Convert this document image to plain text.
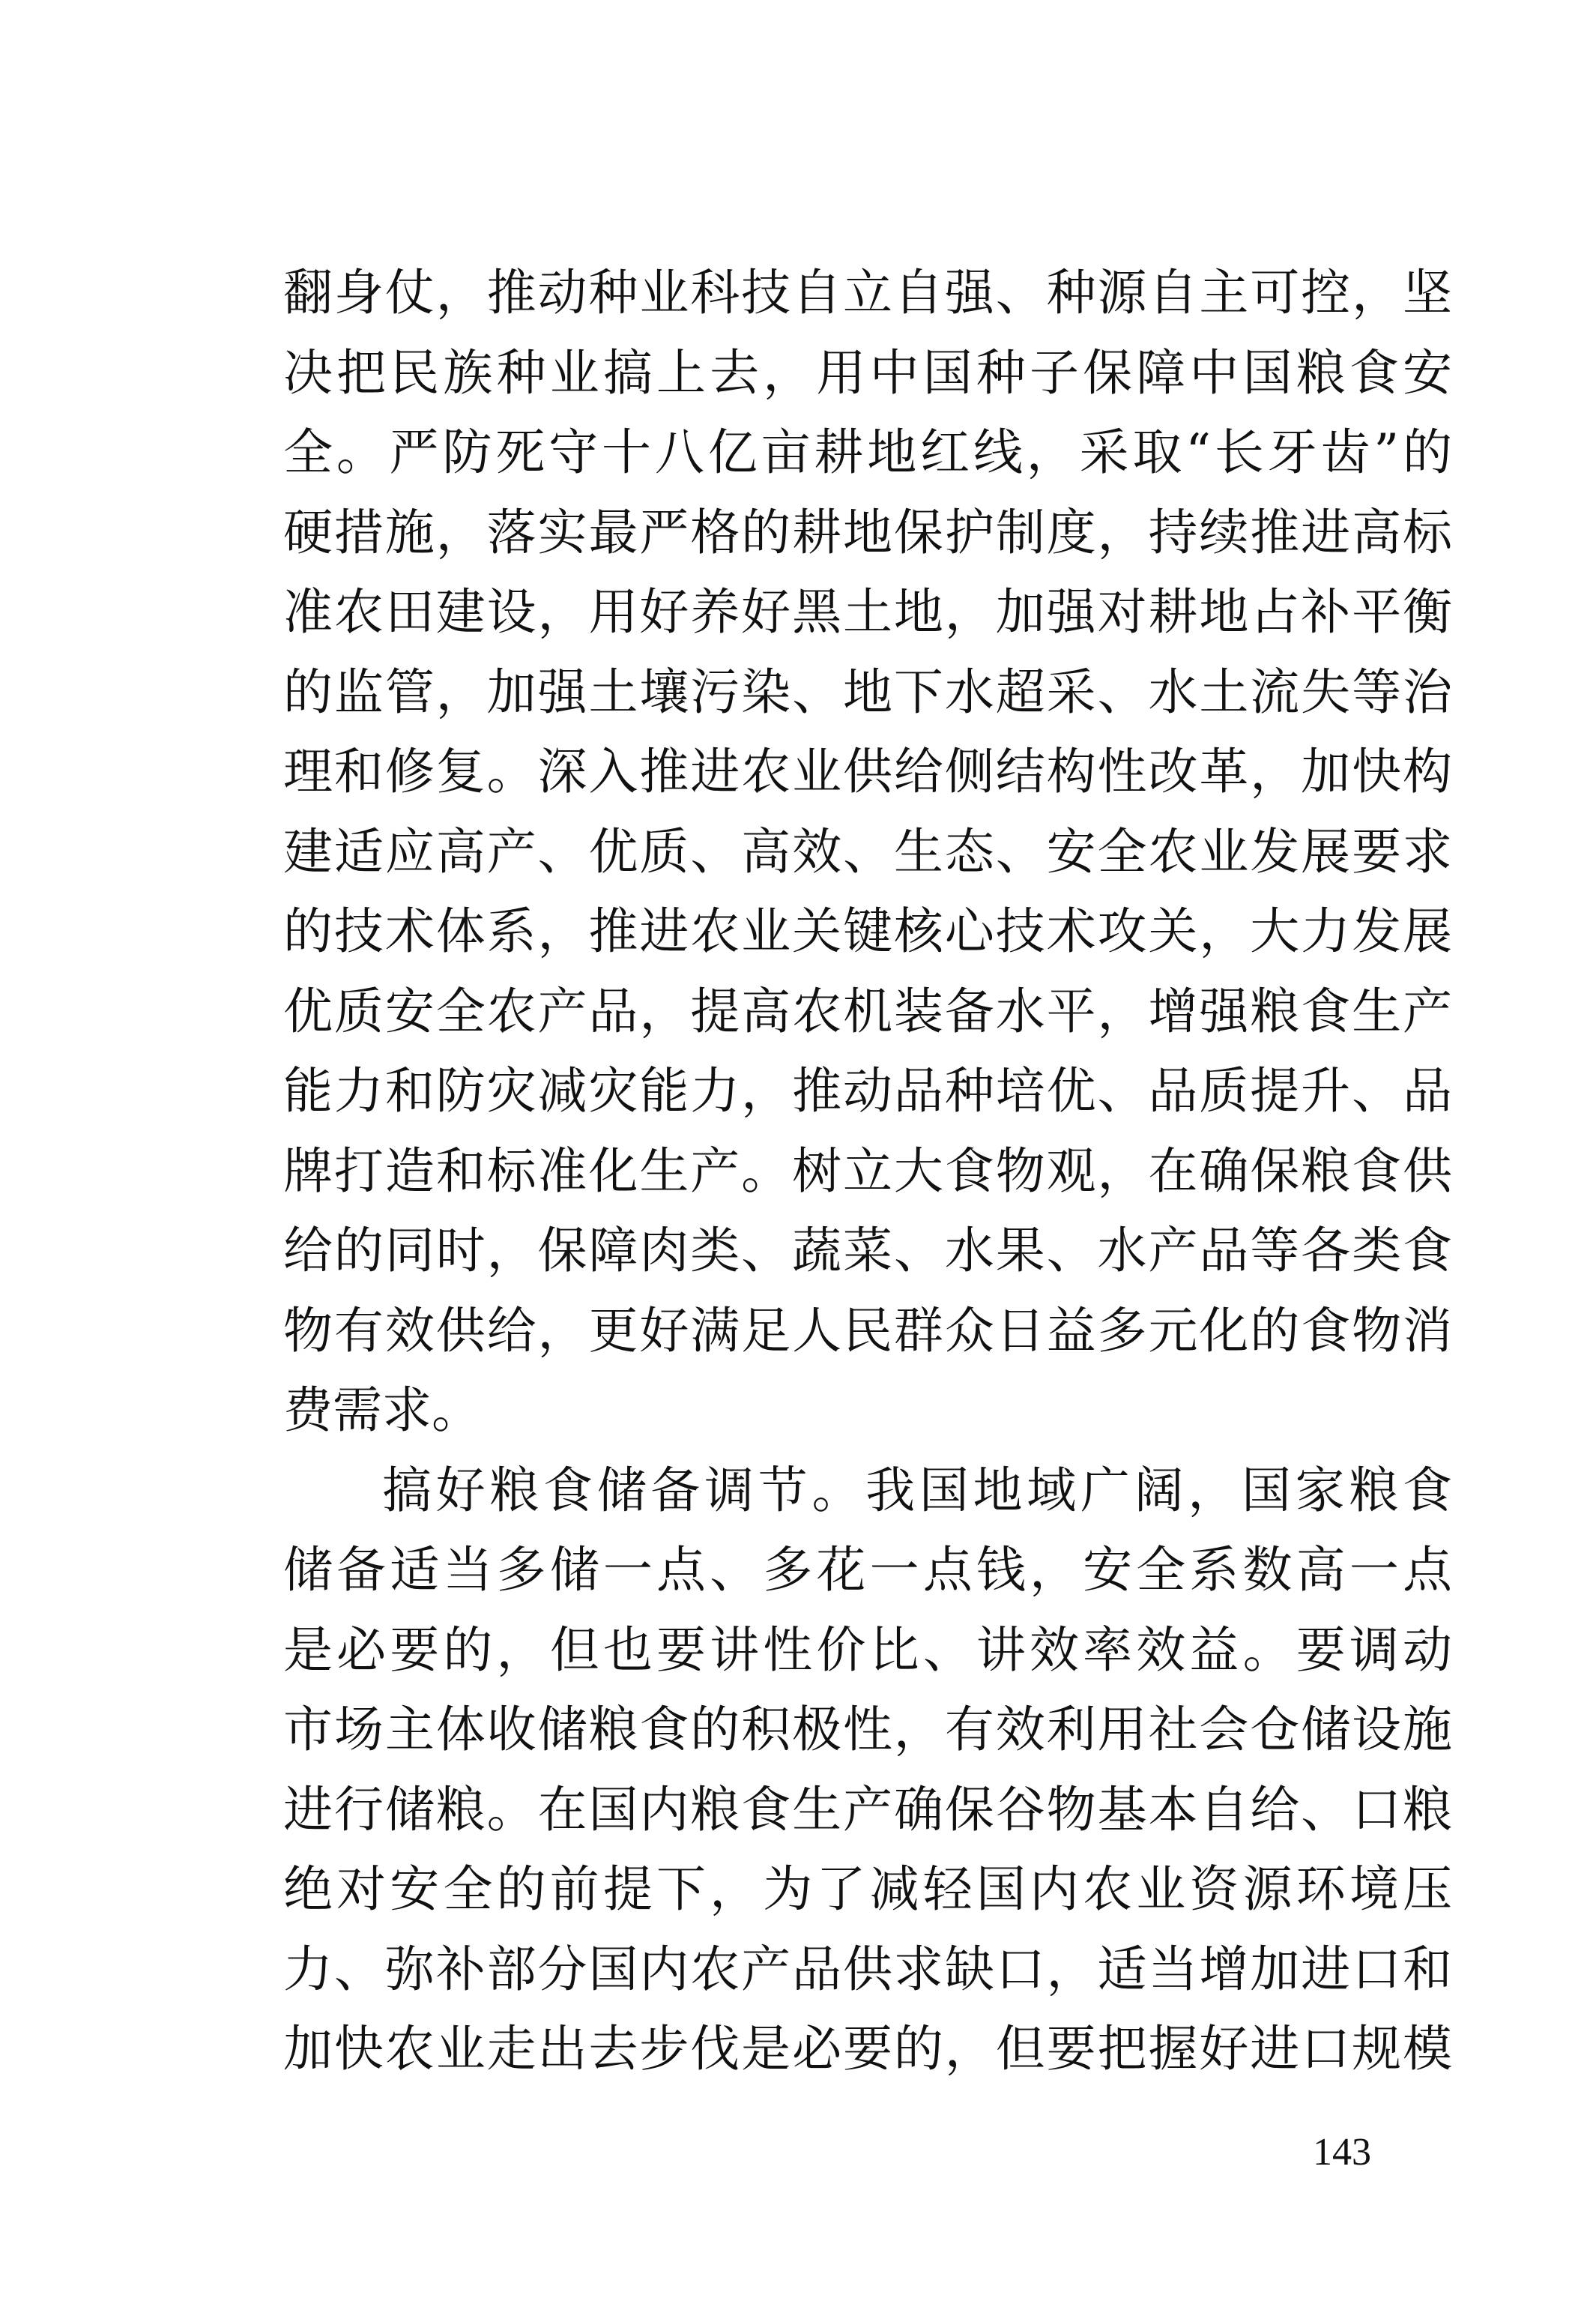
翻身仗，推动种业科技自立自强、种源自主可控，坚
决把民族种业搞上去，用中国种子保障中国粮食安
全。严防死守十八亿亩耕地红线，采取“长牙齿”的
硬措施，落实最严格的耕地保护制度，持续推进高标
准农田建设，用好养好黑土地，加强对耕地占补平衡
的监管，加强土壤污染、地下水超采、水土流失等治
理和修复。深入推进农业供给侧结构性改革，加快构
建适应高产、优质、高效、生态、安全农业发展要求
的技术体系，推进农业关键核心技术攻关，大力发展
优质安全农产品，提高农机装备水平，增强粮食生产
能力和防灾减灾能力，推动品种培优、品质提升、品
牌打造和标准化生产。树立大食物观，在确保粮食供
给的同时，保障肉类、蔬菜、水果、水产品等各类食
物有效供给，更好满足人民群众日益多元化的食物消
费需求。
搞好粮食储备调节。我国地域广阔，国家粮食
储备适当多储一点、多花一点钱，安全系数高一点
是必要的，但也要讲性价比、讲效率效益。要调动
市场主体收储粮食的积极性，有效利用社会仓储设施
进行储粮。在国内粮食生产确保谷物基本自给、口粮
绝对安全的前提下，为了减轻国内农业资源环境压
力、弥补部分国内农产品供求缺口，适当增加进口和
加快农业走出去步伐是必要的，但要把握好进口规模
143
